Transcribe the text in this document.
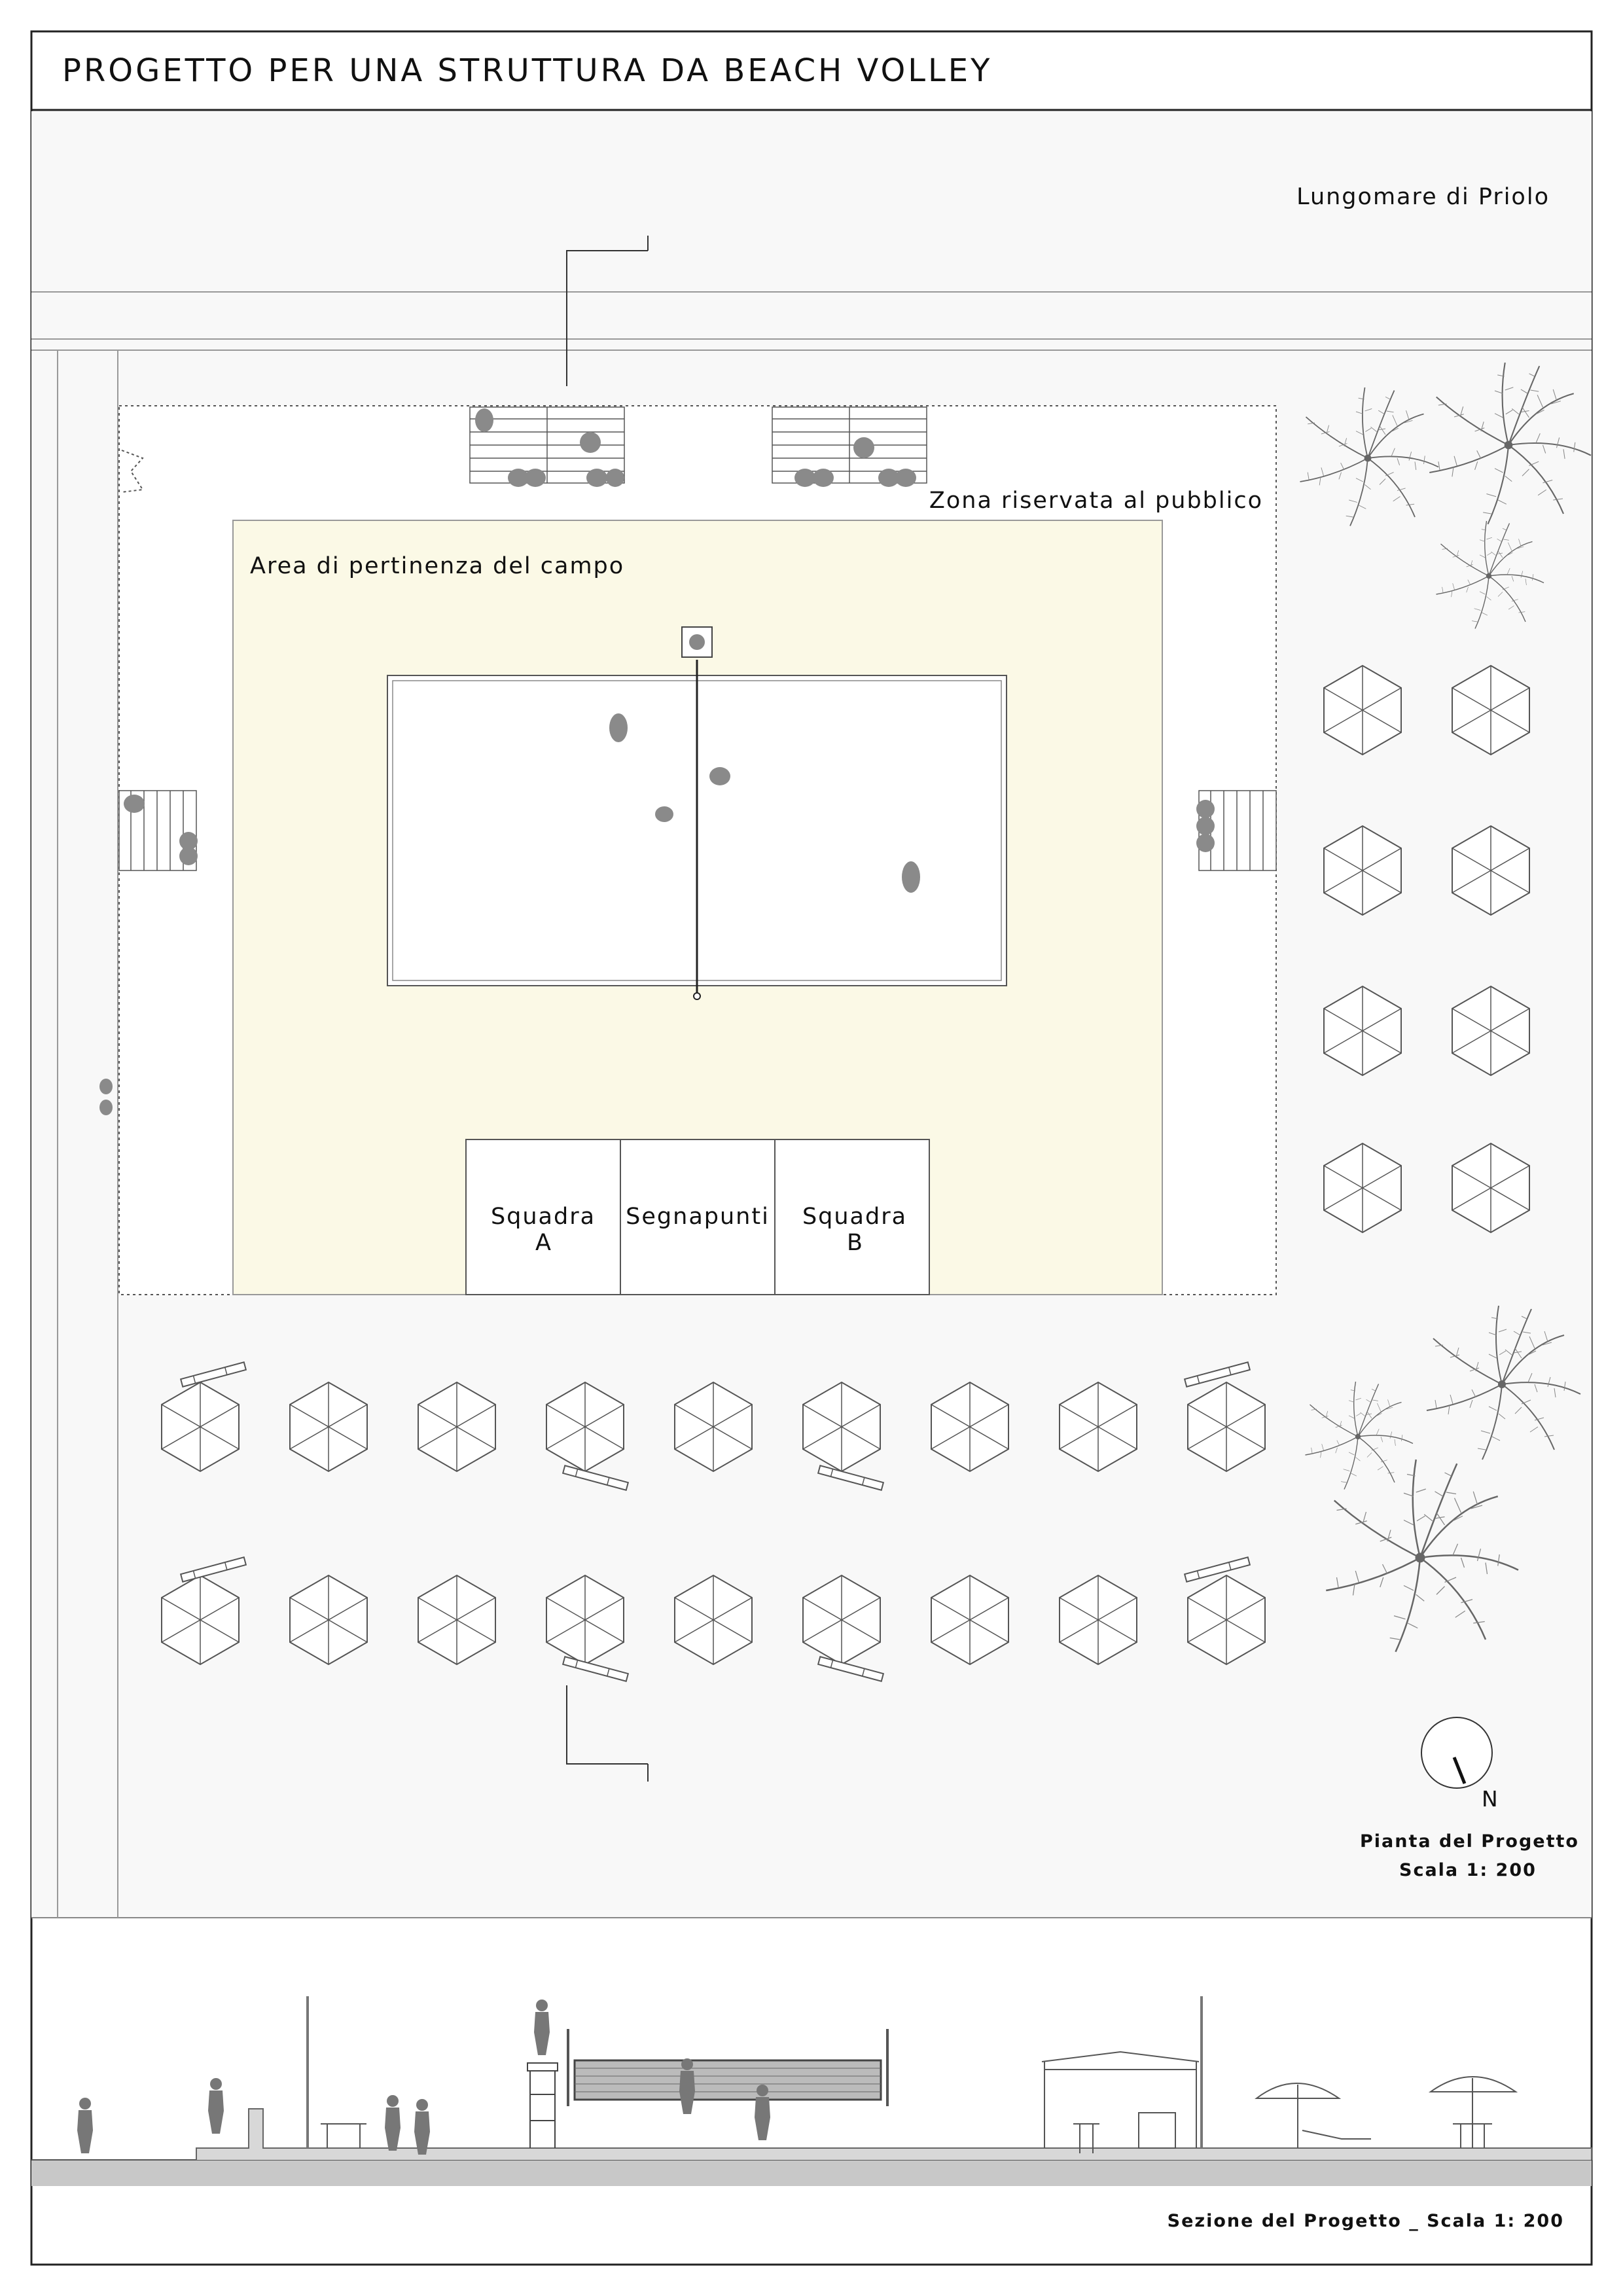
PROGETTO PER UNA STRUTTURA DA BEACH VOLLEY
Lungomare di Priolo
Zona riservata al pubblico
Area di pertinenza del campo
Squadra
A
Segnapunti Squadra
B
N
Pianta del Progetto
Scala 1: 200
Sezione del Progetto _ Scala 1: 200
